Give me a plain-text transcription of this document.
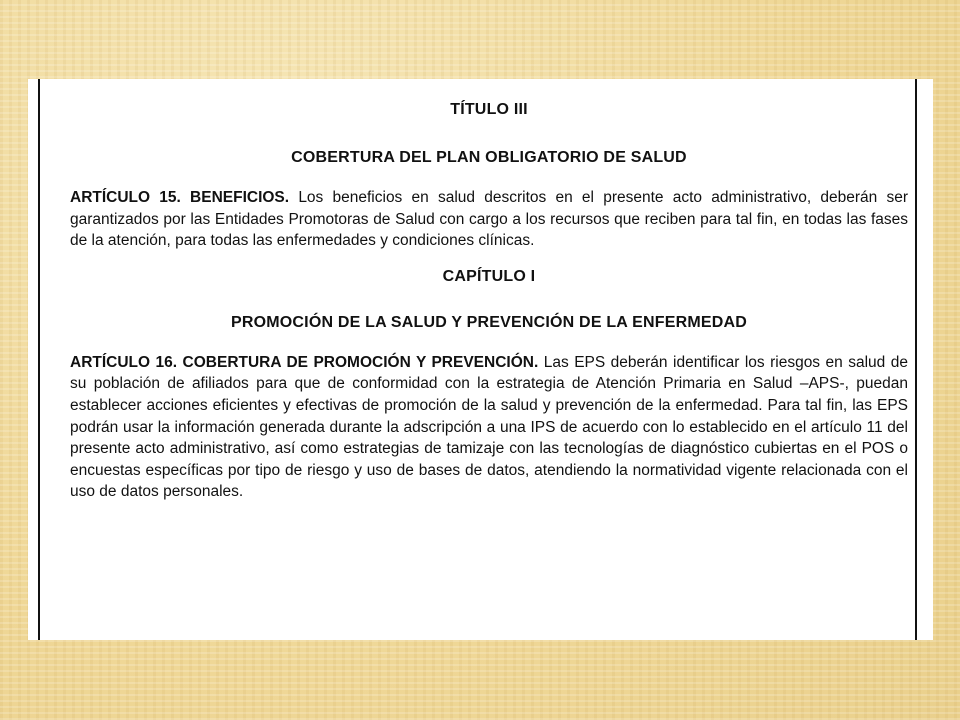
TÍTULO III
COBERTURA DEL PLAN OBLIGATORIO DE SALUD

ARTÍCULO 15. BENEFICIOS. Los beneficios en salud descritos en el presente acto administrativo, deberán ser garantizados por las Entidades Promotoras de Salud con cargo a los recursos que reciben para tal fin, en todas las fases de la atención, para todas las enfermedades y condiciones clínicas.

CAPÍTULO I
PROMOCIÓN DE LA SALUD Y PREVENCIÓN DE LA ENFERMEDAD

ARTÍCULO 16. COBERTURA DE PROMOCIÓN Y PREVENCIÓN. Las EPS deberán identificar los riesgos en salud de su población de afiliados para que de conformidad con la estrategia de Atención Primaria en Salud –APS-, puedan establecer acciones eficientes y efectivas de promoción de la salud y prevención de la enfermedad. Para tal fin, las EPS podrán usar la información generada durante la adscripción a una IPS de acuerdo con lo establecido en el artículo 11 del presente acto administrativo, así como estrategias de tamizaje con las tecnologías de diagnóstico cubiertas en el POS o encuestas específicas por tipo de riesgo y uso de bases de datos, atendiendo la normatividad vigente relacionada con el uso de datos personales.
